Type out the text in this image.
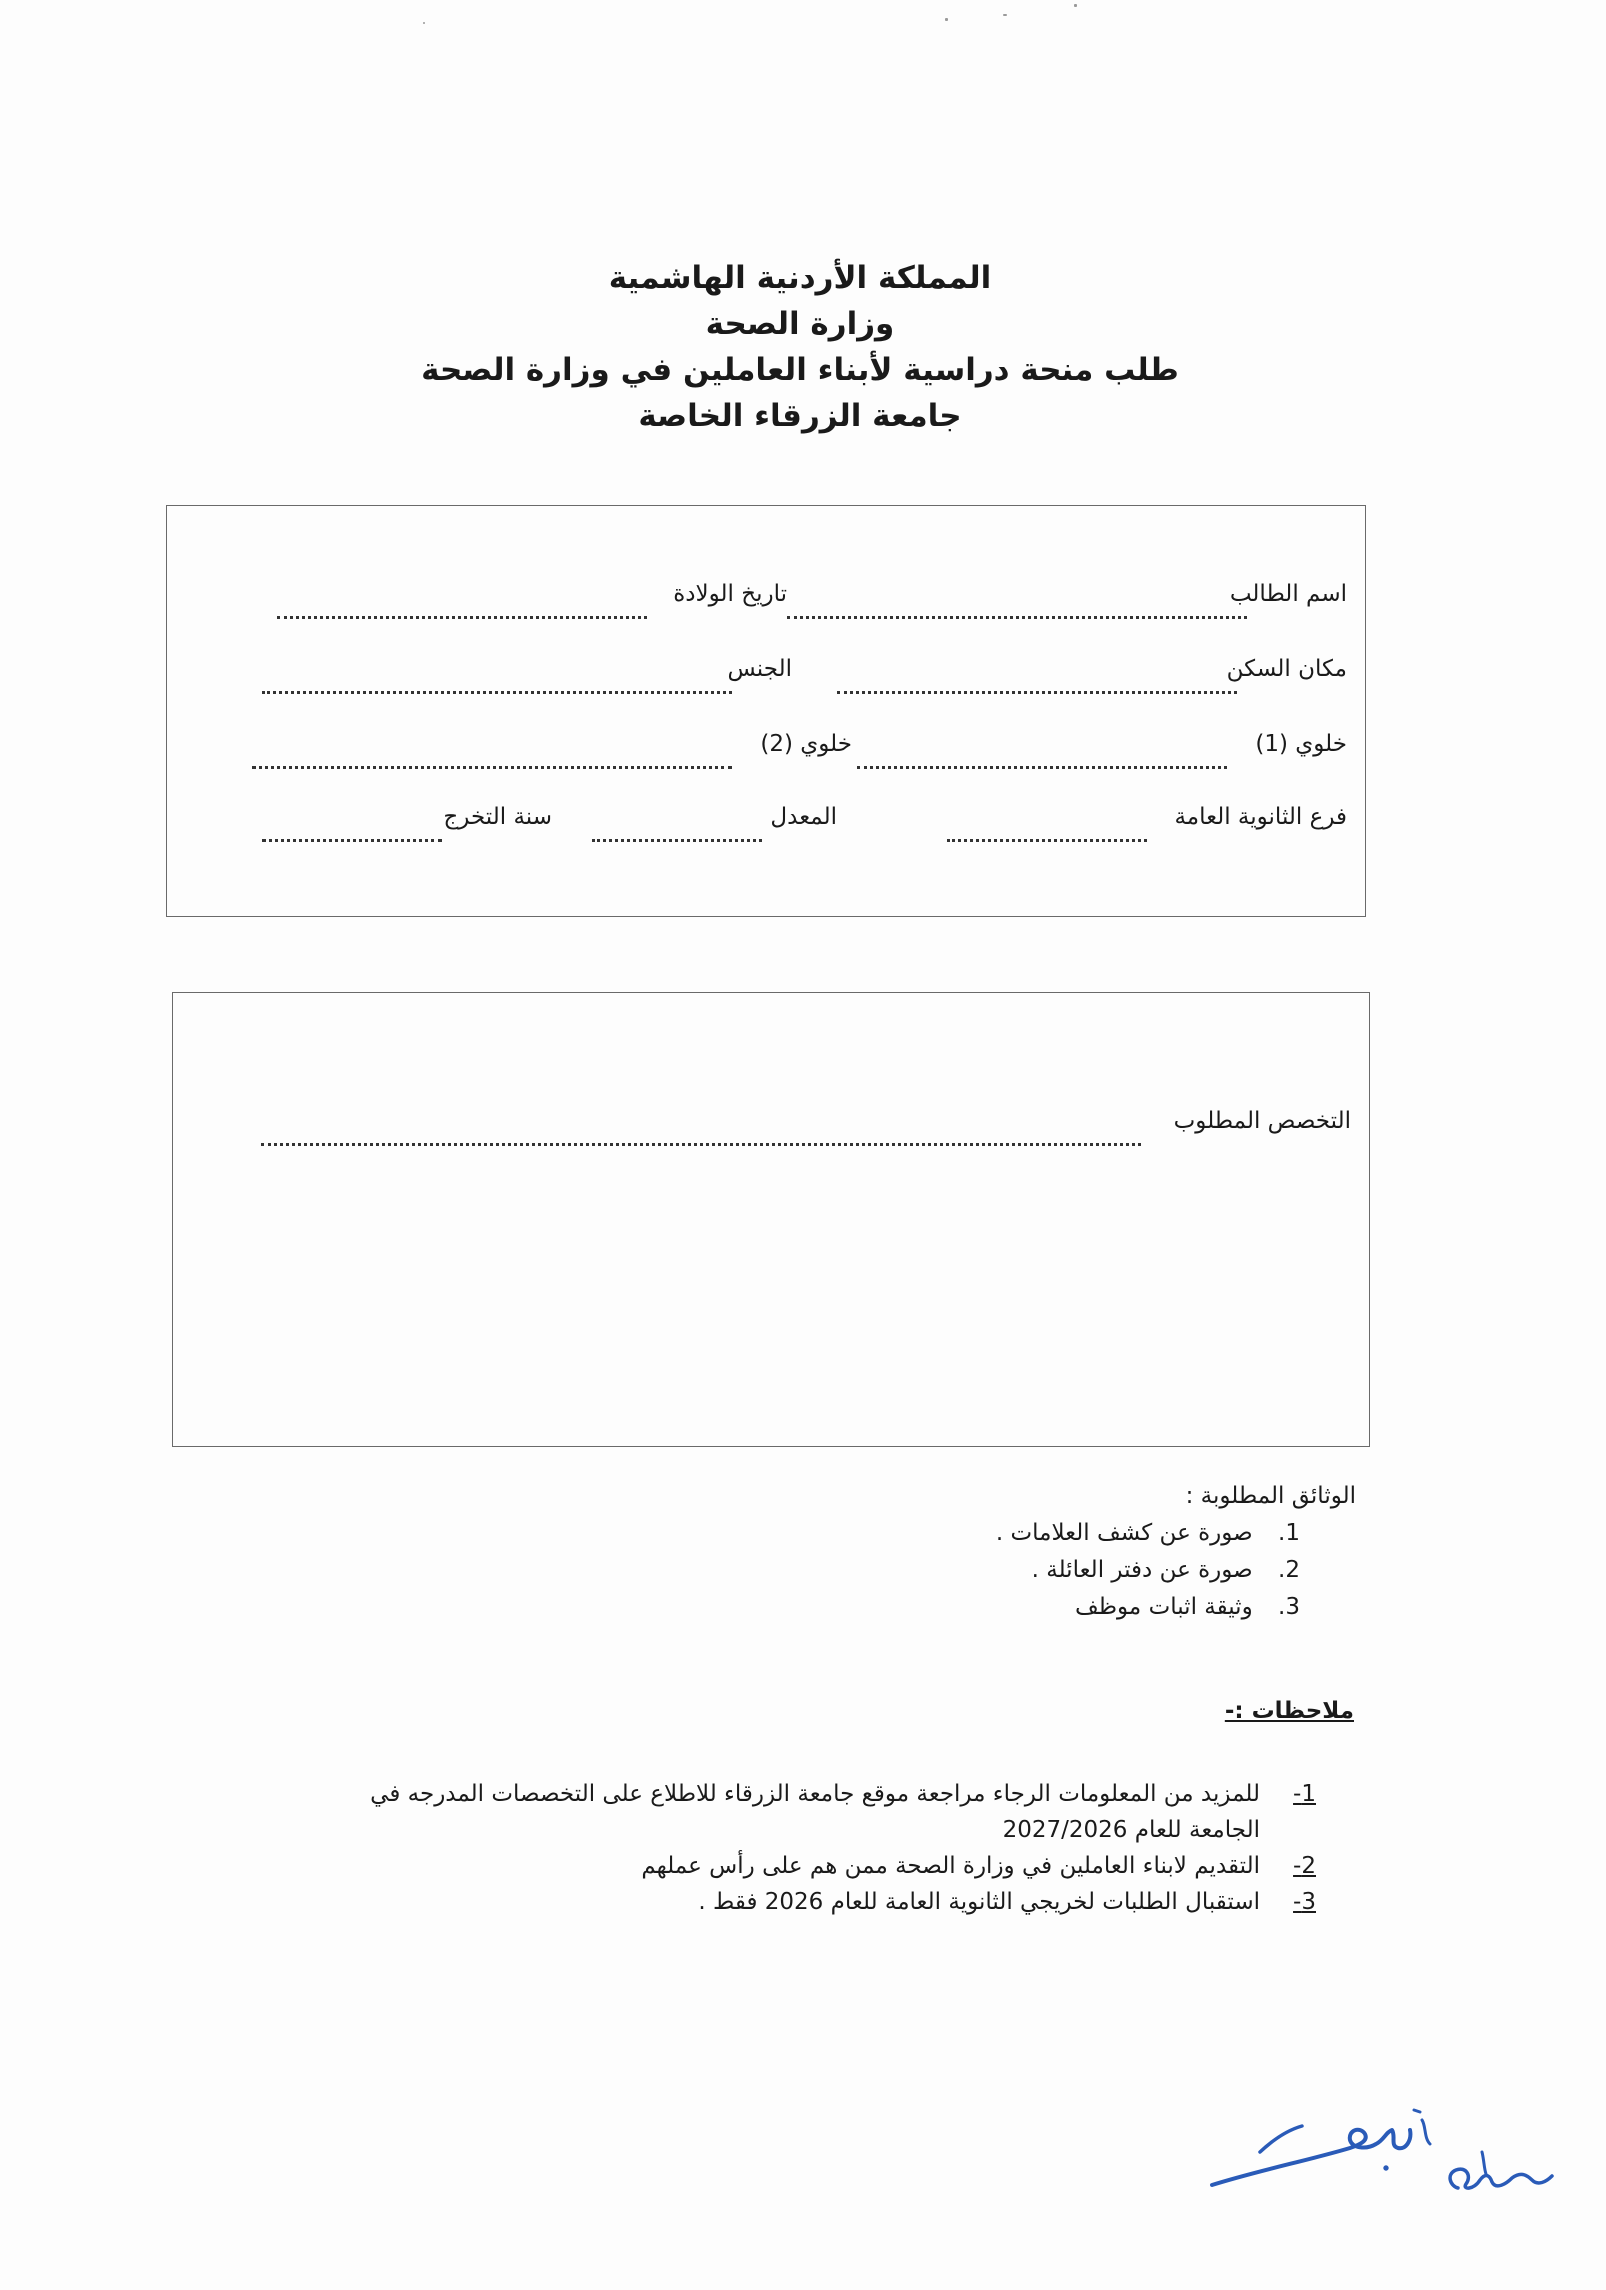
المملكة الأردنية الهاشمية
وزارة الصحة
طلب منحة دراسية لأبناء العاملين في وزارة الصحة
جامعة الزرقاء الخاصة
اسم الطالب
تاريخ الولادة
مكان السكن
الجنس
خلوي (1)
خلوي (2)
فرع الثانوية العامة
المعدل
سنة التخرج
التخصص المطلوب
الوثائق المطلوبة :
1. صورة عن كشف العلامات .
2. صورة عن دفتر العائلة .
3. وثيقة اثبات موظف
ملاحظات :-
1-
للمزيد من المعلومات الرجاء مراجعة موقع جامعة الزرقاء للاطلاع على التخصصات المدرجه في
الجامعة للعام 2027/2026
2-
التقديم لابناء العاملين في وزارة الصحة ممن هم على رأس عملهم
3-
استقبال الطلبات لخريجي الثانوية العامة للعام 2026 فقط .
